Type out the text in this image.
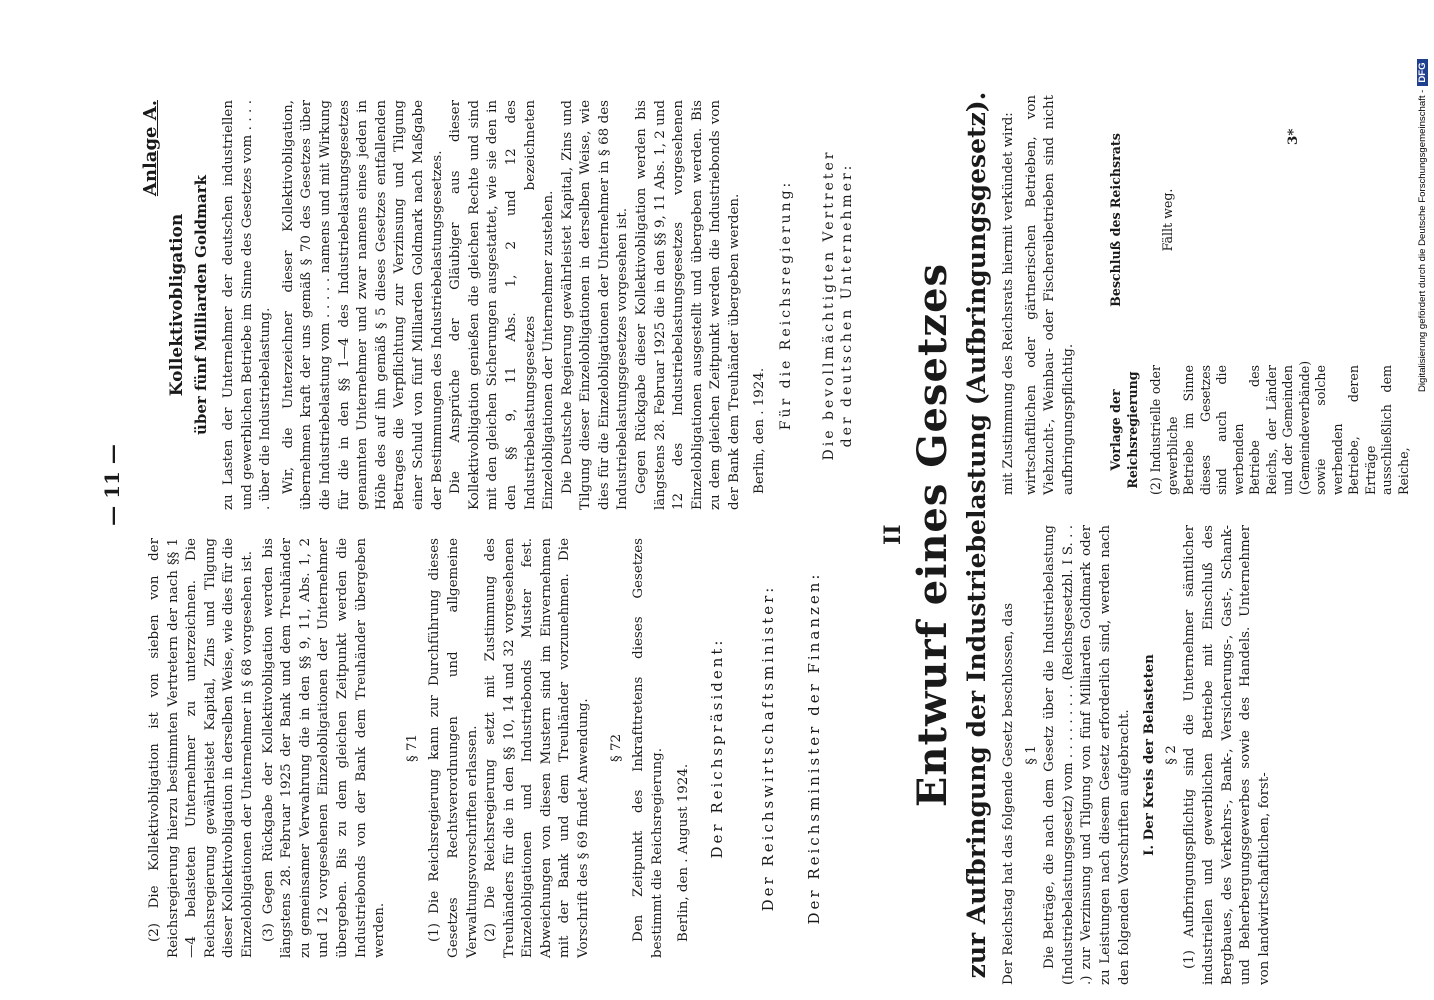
(2) Die Kollektivobligation ist von sieben von der Reichsregierung hierzu bestimmten Vertretern der nach §§ 1—4 belasteten Unternehmer zu unterzeichnen. Die Reichsregierung gewährleistet Kapital, Zins und Tilgung dieser Kollektivobligation in derselben Weise, wie dies für die Einzelobligationen der Unternehmer in § 68 vorgesehen ist. (3) Gegen Rückgabe der Kollektivobligation werden bis längstens 28. Februar 1925 der Bank und dem Treuhänder zu gemeinsamer Verwahrung die in den §§ 9, 11, Abs. 1, 2 und 12 vorgesehenen Einzelobligationen der Unternehmer übergeben. Bis zu dem gleichen Zeitpunkt werden die Industriebonds von der Bank dem Treuhänder übergeben werden.

§ 71 (1) Die Reichsregierung kann zur Durchführung dieses Gesetzes Rechtsverordnungen und allgemeine Verwaltungsvorschriften erlassen. (2) Die Reichsregierung setzt mit Zustimmung des Treuhänders für die in den §§ 10, 14 und 32 vorgesehenen Einzelobligationen und Industriebonds Muster fest. Abweichungen von diesen Mustern sind im Einvernehmen mit der Bank und dem Treuhänder vorzunehmen. Die Vorschrift des § 69 findet Anwendung. § 72 Den Zeitpunkt des Inkrafttretens dieses Gesetzes bestimmt die Reichsregierung. Berlin, den . August 1924. Der Reichspräsident: Der Reichswirtschaftsminister: Der Reichsminister der Finanzen:

— 11 —
Anlage A.
Kollektivobligation über fünf Milliarden Goldmark zu Lasten der Unternehmer der deutschen industriellen und gewerblichen Betriebe im Sinne des Gesetzes vom . . . . . über die Industriebelastung. Wir, die Unterzeichner dieser Kollektivobligation, übernehmen kraft der uns gemäß § 70 des Gesetzes über die Industriebelastung vom . . . . . namens und mit Wirkung für die in den §§ 1—4 des Industriebelastungsgesetzes genannten Unternehmer und zwar namens eines jeden in Höhe des auf ihn gemäß § 5 dieses Gesetzes entfallenden Betrages die Verpflichtung zur Verzinsung und Tilgung einer Schuld von fünf Milliarden Goldmark nach Maßgabe der Bestimmungen des Industriebelastungsgesetzes. Die Ansprüche der Gläubiger aus dieser Kollektivobligation genießen die gleichen Rechte und sind mit den gleichen Sicherungen ausgestattet, wie sie den in den §§ 9, 11 Abs. 1, 2 und 12 des Industriebelastungsgesetzes bezeichneten Einzelobligationen der Unternehmer zustehen. Die Deutsche Regierung gewährleistet Kapital, Zins und Tilgung dieser Einzelobligationen in derselben Weise, wie dies für die Einzelobligationen der Unternehmer in § 68 des Industriebelastungsgesetzes vorgesehen ist. Gegen Rückgabe dieser Kollektivobligation werden bis längstens 28. Februar 1925 die in den §§ 9, 11 Abs. 1, 2 und 12 des Industriebelastungsgesetzes vorgesehenen Einzelobligationen ausgestellt und übergeben werden. Bis zu dem gleichen Zeitpunkt werden die Industriebonds von der Bank dem Treuhänder übergeben werden. Berlin, den . 1924.

Für die Reichsregierung: Die bevollmächtigten Vertreter der deutschen Unternehmer:

II Entwurf eines Gesetzes zur Aufbringung der Industriebelastung (Aufbringungsgesetz). Der Reichstag hat das folgende Gesetz beschlossen, das § 1 Die Beträge, die nach dem Gesetz über die Industriebelastung (Industriebelastungsgesetz) vom . . . . . . . . . (Reichsgesetzbl. I S. . . .) zur Verzinsung und Tilgung von fünf Milliarden Goldmark oder zu Leistungen nach diesem Gesetz erforderlich sind, werden nach den folgenden Vorschriften aufgebracht. I. Der Kreis der Belasteten § 2 (1) Aufbringungspflichtig sind die Unternehmer sämtlicher industriellen und gewerblichen Betriebe mit Einschluß des Bergbaues, des Verkehrs-, Bank-, Versicherungs-, Gast-, Schank- und Beherbergungsgewerbes sowie des Handels. Unternehmer von landwirtschaftlichen, forst-

mit Zustimmung des Reichsrats hiermit verkündet wird: wirtschaftlichen oder gärtnerischen Betrieben, von Viehzucht-, Weinbau- oder Fischereibetrieben sind nicht aufbringungspflichtig.	Vorlage der Reichsregierung
Beschluß des Reichsrats
(2) Industrielle oder gewerbliche Betriebe im Sinne dieses Gesetzes sind auch die werbenden Betriebe des Reichs, der Länder und der Gemeinden (Gemeindeverbände) sowie solche werbenden Betriebe, deren Erträge ausschließlich dem Reiche,
Fällt weg.
3*	Digitalisierung gefördert durch die Deutsche Forschungsgemeinschaft -DFG
